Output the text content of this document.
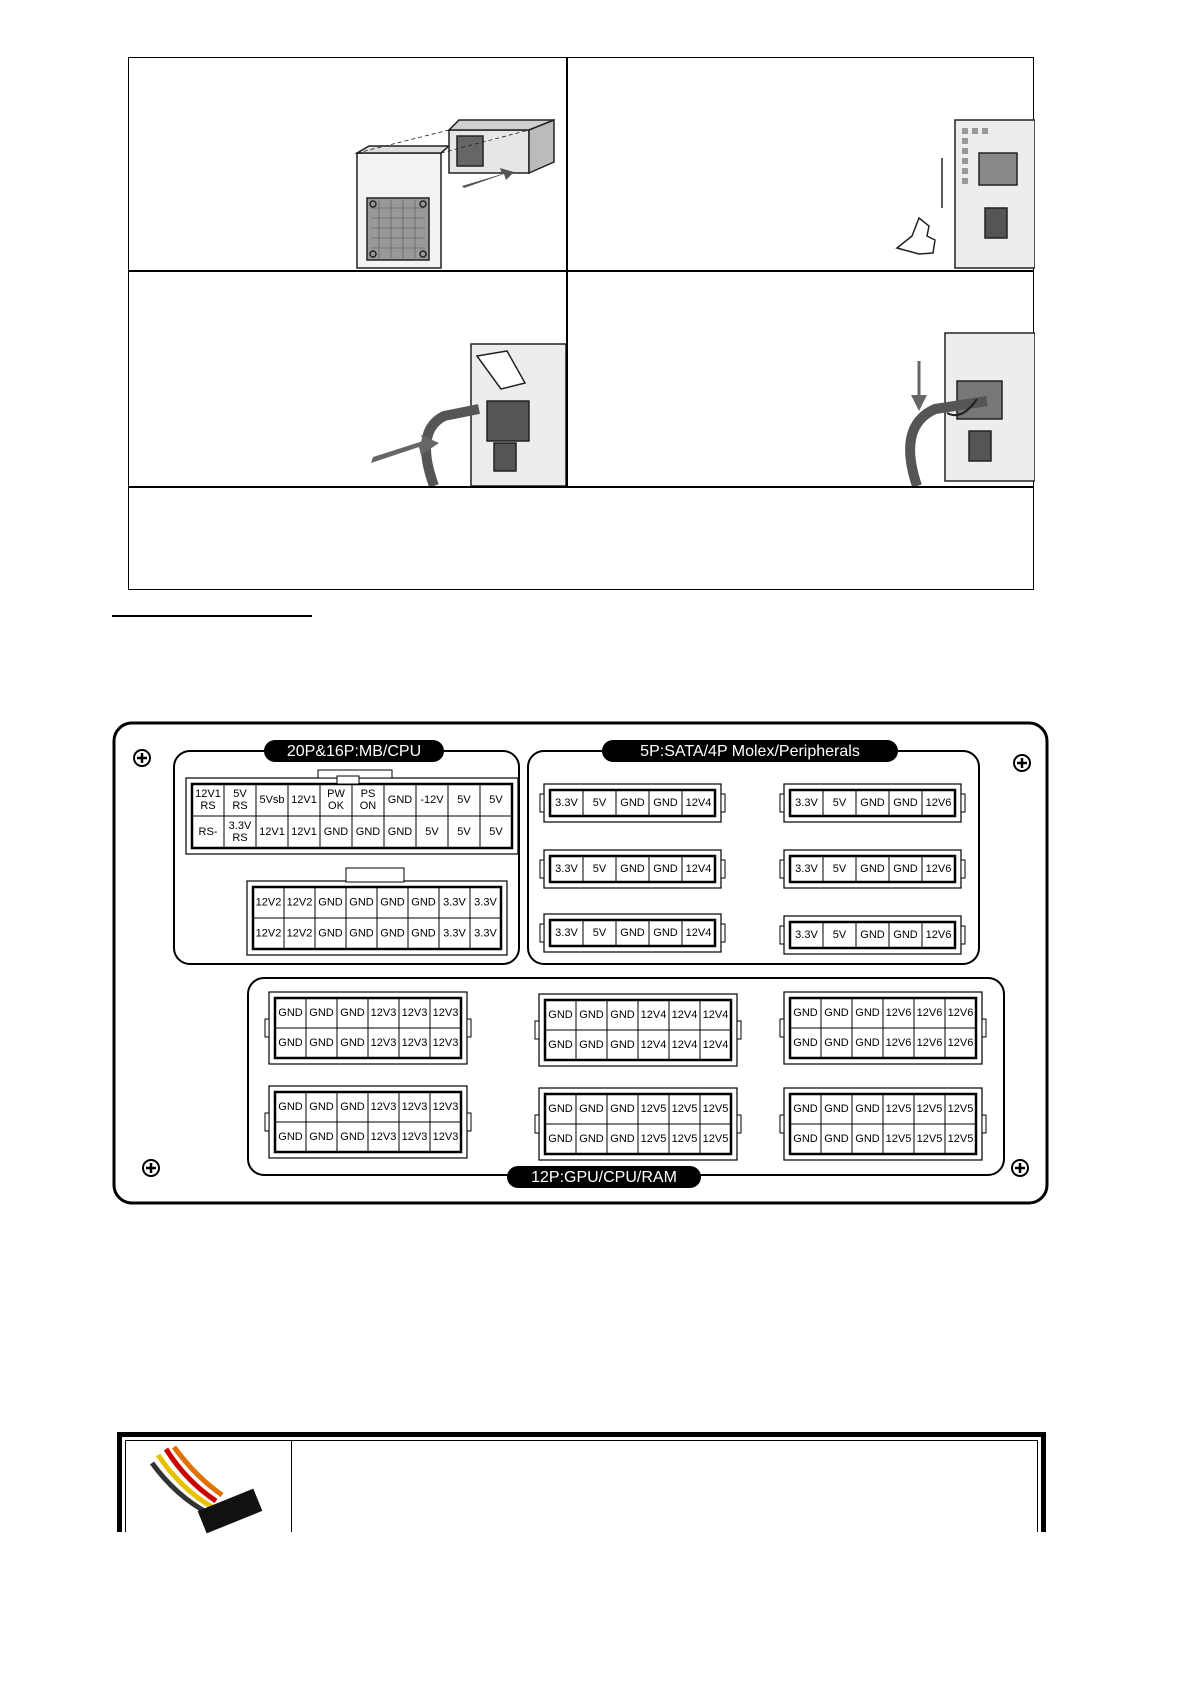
20P&16P:MB/CPU	5P:SATA/4P Molex/Peripherals
12P:GPU/CPU/RAM
12V1
RS
5V
RS 5Vsb 12V1 PW
OK
PS
ON GND -12V 5V 5V
RS- 3.3V
RS 12V1 12V1 GND GND GND 5V 5V 5V
12V2 12V2 GND GND GND GND 3.3V 3.3V
12V2 12V2 GND GND GND GND 3.3V 3.3V
3.3V 5V GND GND 12V4
3.3V 5V GND GND 12V4
3.3V 5V GND GND 12V4
3.3V 5V GND GND 12V6
3.3V 5V GND GND 12V6
3.3V 5V GND GND 12V6
GND GND GND 12V3 12V3 12V3
GND GND GND 12V3 12V3 12V3
GND GND GND 12V4 12V4 12V4
GND GND GND 12V4 12V4 12V4
GND GND GND 12V6 12V6 12V6
GND GND GND 12V6 12V6 12V6
GND GND GND 12V3 12V3 12V3
GND GND GND 12V3 12V3 12V3
GND GND GND 12V5 12V5 12V5
GND GND GND 12V5 12V5 12V5
GND GND GND 12V5 12V5 12V5
GND GND GND 12V5 12V5 12V5
